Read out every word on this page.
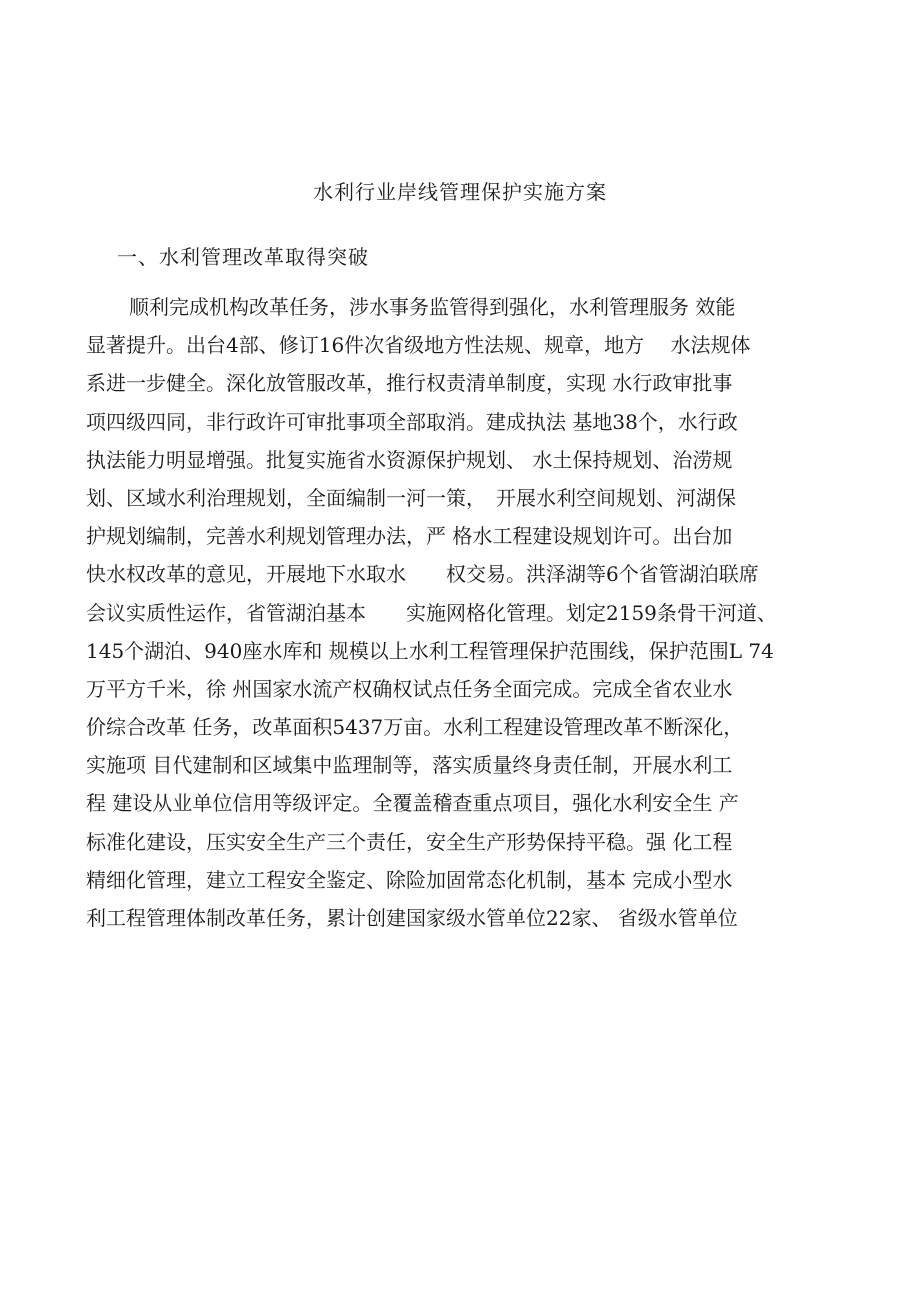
水利行业岸线管理保护实施方案
一、水利管理改革取得突破
顺利完成机构改革任务，涉水事务监管得到强化，水利管理服务 效能
显著提升。出台4部、修订16件次省级地方性法规、规章，地方　 水法规体
系进一步健全。深化放管服改革，推行权责清单制度，实现 水行政审批事
项四级四同，非行政许可审批事项全部取消。建成执法 基地38个，水行政
执法能力明显增强。批复实施省水资源保护规划、 水土保持规划、治涝规
划、区域水利治理规划，全面编制一河一策，　开展水利空间规划、河湖保
护规划编制，完善水利规划管理办法，严 格水工程建设规划许可。出台加
快水权改革的意见，开展地下水取水　　权交易。洪泽湖等6个省管湖泊联席
会议实质性运作，省管湖泊基本　　实施网格化管理。划定2159条骨干河道、
145个湖泊、940座水库和 规模以上水利工程管理保护范围线，保护范围L 74
万平方千米，徐 州国家水流产权确权试点任务全面完成。完成全省农业水
价综合改革 任务，改革面积5437万亩。水利工程建设管理改革不断深化，
实施项 目代建制和区域集中监理制等，落实质量终身责任制，开展水利工
程 建设从业单位信用等级评定。全覆盖稽查重点项目，强化水利安全生 产
标准化建设，压实安全生产三个责任，安全生产形势保持平稳。强 化工程
精细化管理，建立工程安全鉴定、除险加固常态化机制，基本 完成小型水
利工程管理体制改革任务，累计创建国家级水管单位22家、 省级水管单位
